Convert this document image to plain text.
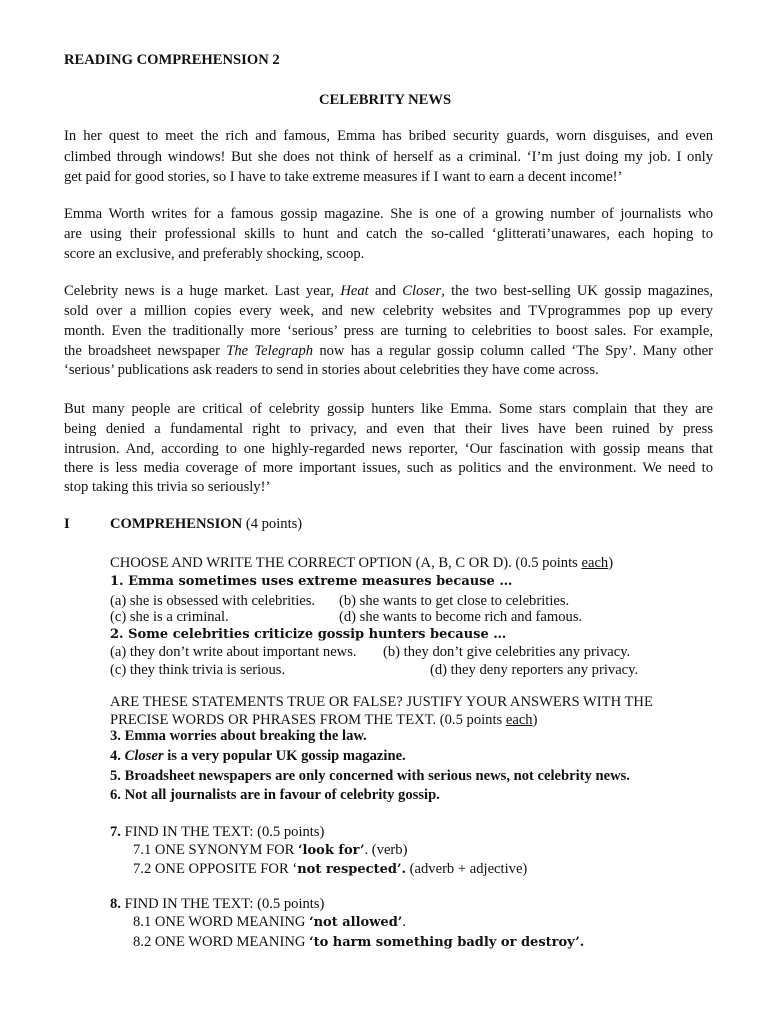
READING COMPREHENSION 2
CELEBRITY NEWS
In her quest to meet the rich and famous, Emma has bribed security guards, worn disguises, and even
climbed through windows! But she does not think of herself as a criminal. ‘I’m just doing my job. I only
get paid for good stories, so I have to take extreme measures if I want to earn a decent income!’
Emma Worth writes for a famous gossip magazine. She is one of a growing number of journalists who
are using their professional skills to hunt and catch the so-called ‘glitterati’unawares, each hoping to
score an exclusive, and preferably shocking, scoop.
Celebrity news is a huge market. Last year, Heat and Closer, the two best-selling UK gossip magazines,
sold over a million copies every week, and new celebrity websites and TVprogrammes pop up every
month. Even the traditionally more ‘serious’ press are turning to celebrities to boost sales. For example,
the broadsheet newspaper The Telegraph now has a regular gossip column called ‘The Spy’. Many other
‘serious’ publications ask readers to send in stories about celebrities they have come across.
But many people are critical of celebrity gossip hunters like Emma. Some stars complain that they are
being denied a fundamental right to privacy, and even that their lives have been ruined by press
intrusion. And, according to one highly-regarded news reporter, ‘Our fascination with gossip means that
there is less media coverage of more important issues, such as politics and the environment. We need to
stop taking this trivia so seriously!’
I	COMPREHENSION (4 points)
CHOOSE AND WRITE THE CORRECT OPTION (A, B, C OR D). (0.5 points each)
1. Emma sometimes uses extreme measures because …
(a) she is obsessed with celebrities. (b) she wants to get close to celebrities.
(c) she is a criminal.	(d) she wants to become rich and famous.
2. Some celebrities criticize gossip hunters because …
(a) they don’t write about important news. (b) they don’t give celebrities any privacy.
(c) they think trivia is serious.	(d) they deny reporters any privacy.
ARE THESE STATEMENTS TRUE OR FALSE? JUSTIFY YOUR ANSWERS WITH THE
PRECISE WORDS OR PHRASES FROM THE TEXT. (0.5 points each)
3. Emma worries about breaking the law.
4. Closer is a very popular UK gossip magazine.
5. Broadsheet newspapers are only concerned with serious news, not celebrity news.
6. Not all journalists are in favour of celebrity gossip.
7. FIND IN THE TEXT: (0.5 points)
7.1 ONE SYNONYM FOR ‘look for’. (verb)
7.2 ONE OPPOSITE FOR ‘not respected’. (adverb + adjective)
8. FIND IN THE TEXT: (0.5 points)
8.1 ONE WORD MEANING ‘not allowed’.
8.2 ONE WORD MEANING ‘to harm something badly or destroy’.
